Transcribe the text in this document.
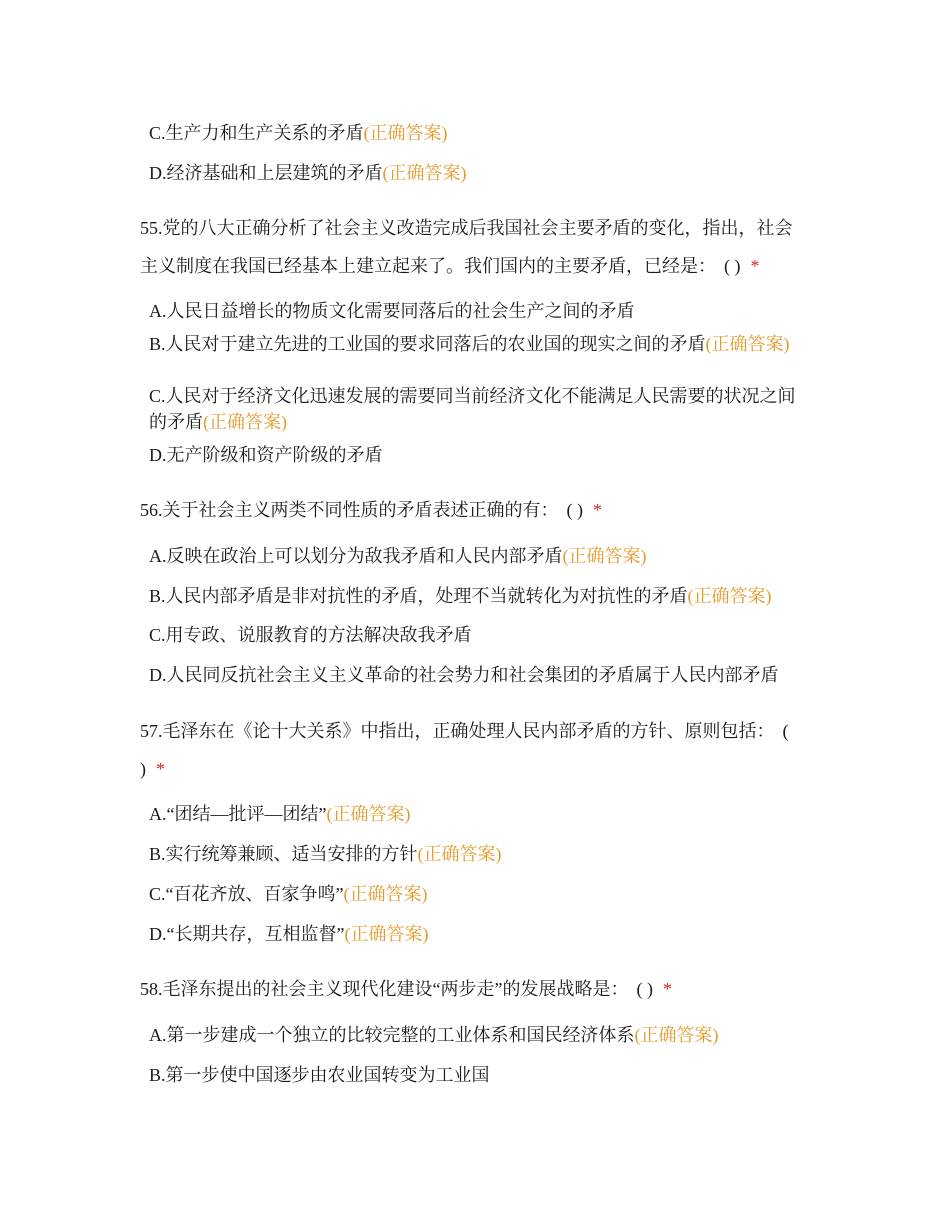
C.生产力和生产关系的矛盾(正确答案)
D.经济基础和上层建筑的矛盾(正确答案)
55.党的八大正确分析了社会主义改造完成后我国社会主要矛盾的变化，指出，社会主义制度在我国已经基本上建立起来了。我们国内的主要矛盾，已经是： ( ) *
A.人民日益增长的物质文化需要同落后的社会生产之间的矛盾
B.人民对于建立先进的工业国的要求同落后的农业国的现实之间的矛盾(正确答案)
C.人民对于经济文化迅速发展的需要同当前经济文化不能满足人民需要的状况之间的矛盾(正确答案)
D.无产阶级和资产阶级的矛盾
56.关于社会主义两类不同性质的矛盾表述正确的有： ( ) *
A.反映在政治上可以划分为敌我矛盾和人民内部矛盾(正确答案)
B.人民内部矛盾是非对抗性的矛盾，处理不当就转化为对抗性的矛盾(正确答案)
C.用专政、说服教育的方法解决敌我矛盾
D.人民同反抗社会主义主义革命的社会势力和社会集团的矛盾属于人民内部矛盾
57.毛泽东在《论十大关系》中指出，正确处理人民内部矛盾的方针、原则包括： ( ) *
A.“团结—批评—团结”(正确答案)
B.实行统筹兼顾、适当安排的方针(正确答案)
C.“百花齐放、百家争鸣”(正确答案)
D.“长期共存，互相监督”(正确答案)
58.毛泽东提出的社会主义现代化建设“两步走”的发展战略是： ( ) *
A.第一步建成一个独立的比较完整的工业体系和国民经济体系(正确答案)
B.第一步使中国逐步由农业国转变为工业国
